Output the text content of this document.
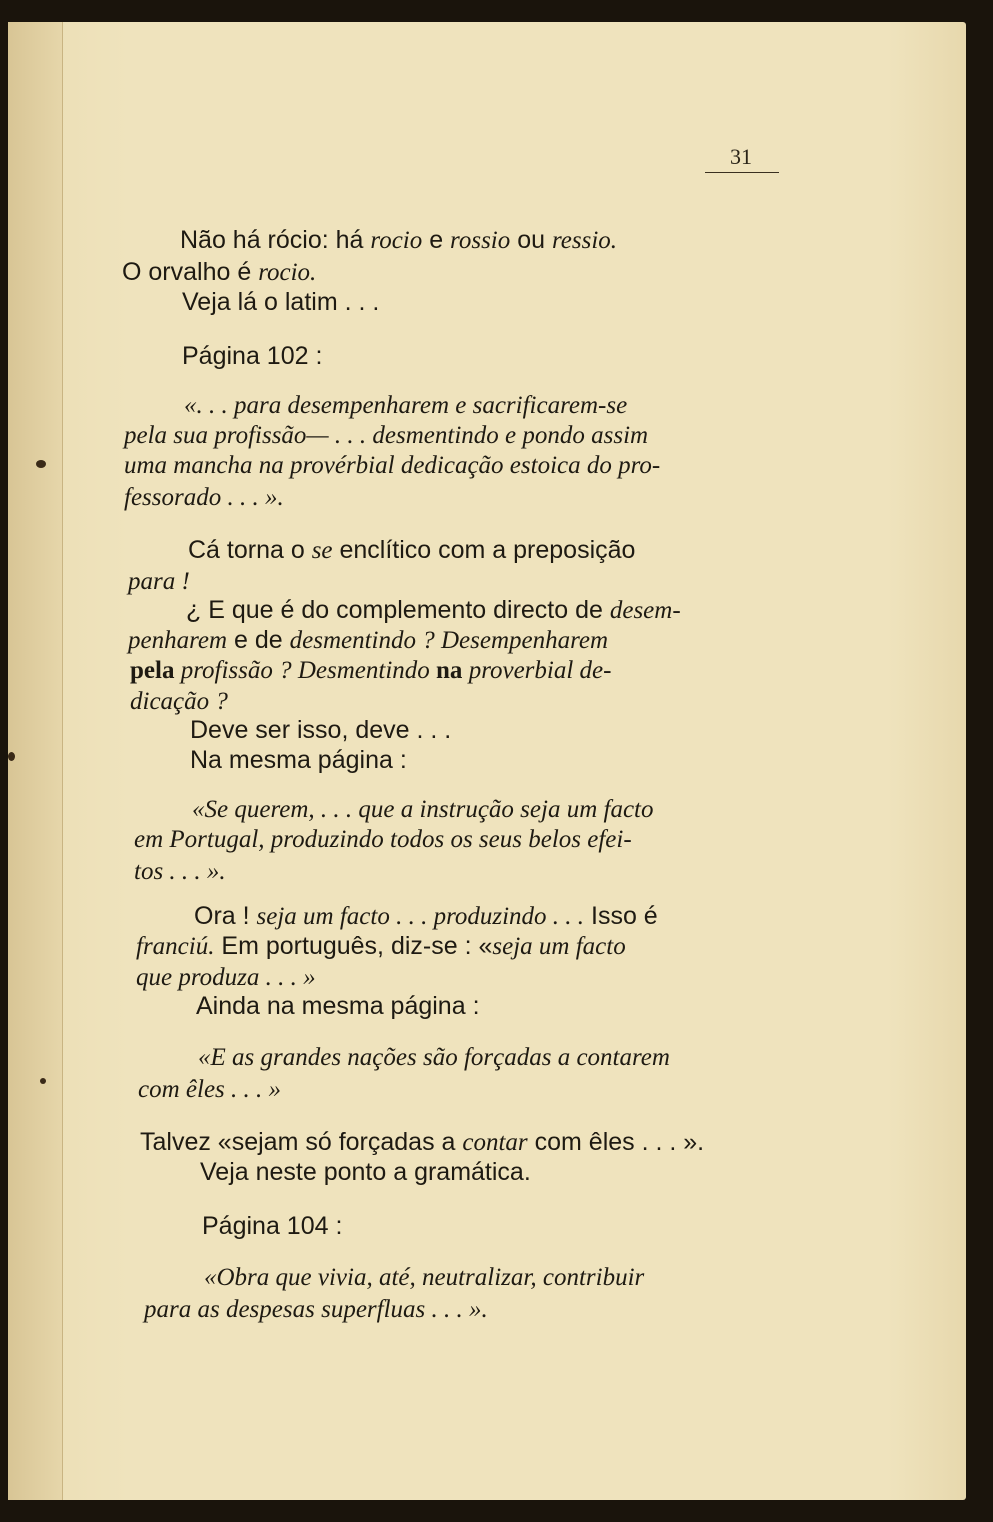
31
Não há rócio: há rocio e rossio ou ressio.
O orvalho é rocio.
Veja lá o latim . . .
Página 102 :
«. . . para desempenharem e sacrificarem-se
pela sua profissão— . . . desmentindo e pondo assim
uma mancha na provérbial dedicação estoica do pro-
fessorado . . . ».
Cá torna o se enclítico com a preposição
para !
¿ E que é do complemento directo de desem-
penharem e de desmentindo ? Desempenharem
pela profissão ? Desmentindo na proverbial de-
dicação ?
Deve ser isso, deve . . .
Na mesma página :
«Se querem, . . . que a instrução seja um facto
em Portugal, produzindo todos os seus belos efei-
tos . . . ».
Ora ! seja um facto . . . produzindo . . . Isso é
franciú. Em português, diz-se : «seja um facto
que produza . . . »
Ainda na mesma página :
«E as grandes nações são forçadas a contarem
com êles . . . »
Talvez «sejam só forçadas a contar com êles . . . ».
Veja neste ponto a gramática.
Página 104 :
«Obra que vivia, até, neutralizar, contribuir
para as despesas superfluas . . . ».
